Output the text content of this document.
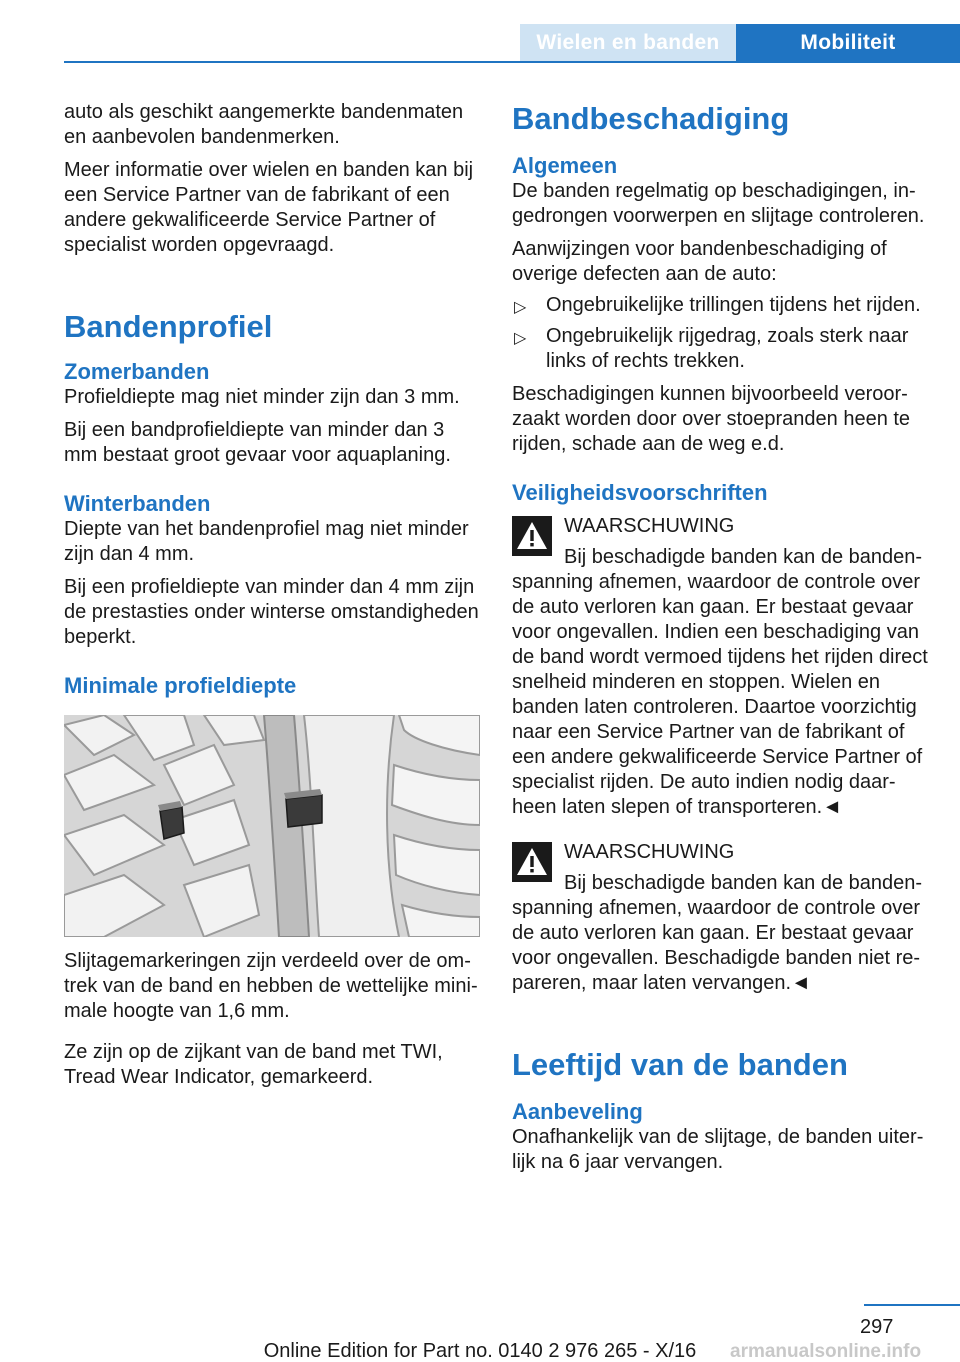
Wielen en banden	Mobiliteit

auto als geschikt aangemerkte bandenmaten en aanbevolen bandenmerken.

Meer informatie over wielen en banden kan bij een Service Partner van de fabrikant of een andere gekwalificeerde Service Partner of specialist worden opgevraagd.

Bandenprofiel
Zomerbanden

Profieldiepte mag niet minder zijn dan 3 mm.

Bij een bandprofieldiepte van minder dan 3 mm bestaat groot gevaar voor aquaplaning.

Winterbanden

Diepte van het bandenprofiel mag niet minder zijn dan 4 mm.

Bij een profieldiepte van minder dan 4 mm zijn de prestasties onder winterse omstandigheden beperkt.

Minimale profieldiepte

Slijtagemarkeringen zijn verdeeld over de omtrek van de band en hebben de wettelijke minimale hoogte van 1,6 mm.

Ze zijn op de zijkant van de band met TWI, Tread Wear Indicator, gemarkeerd.

Bandbeschadiging
Algemeen

De banden regelmatig op beschadigingen, ingedrongen voorwerpen en slijtage controleren.

Aanwijzingen voor bandenbeschadiging of overige defecten aan de auto:

▷ Ongebruikelijke trillingen tijdens het rijden.

▷ Ongebruikelijk rijgedrag, zoals sterk naar links of rechts trekken.

Beschadigingen kunnen bijvoorbeeld veroorzaakt worden door over stoepranden heen te rijden, schade aan de weg e.d.

Veiligheidsvoorschriften
WAARSCHUWING

Bij beschadigde banden kan de bandenspanning afnemen, waardoor de controle over de auto verloren kan gaan. Er bestaat gevaar voor ongevallen. Indien een beschadiging van de band wordt vermoed tijdens het rijden direct snelheid minderen en stoppen. Wielen en banden laten controleren. Daartoe voorzichtig naar een Service Partner van de fabrikant of een andere gekwalificeerde Service Partner of specialist rijden. De auto indien nodig daarheen laten slepen of transporteren.◄

WAARSCHUWING

Bij beschadigde banden kan de bandenspanning afnemen, waardoor de controle over de auto verloren kan gaan. Er bestaat gevaar voor ongevallen. Beschadigde banden niet repareren, maar laten vervangen.◄

Leeftijd van de banden
Aanbeveling

Onafhankelijk van de slijtage, de banden uiterlijk na 6 jaar vervangen.

297
armanualsonline.info
Online Edition for Part no. 0140 2 976 265 - X/16
